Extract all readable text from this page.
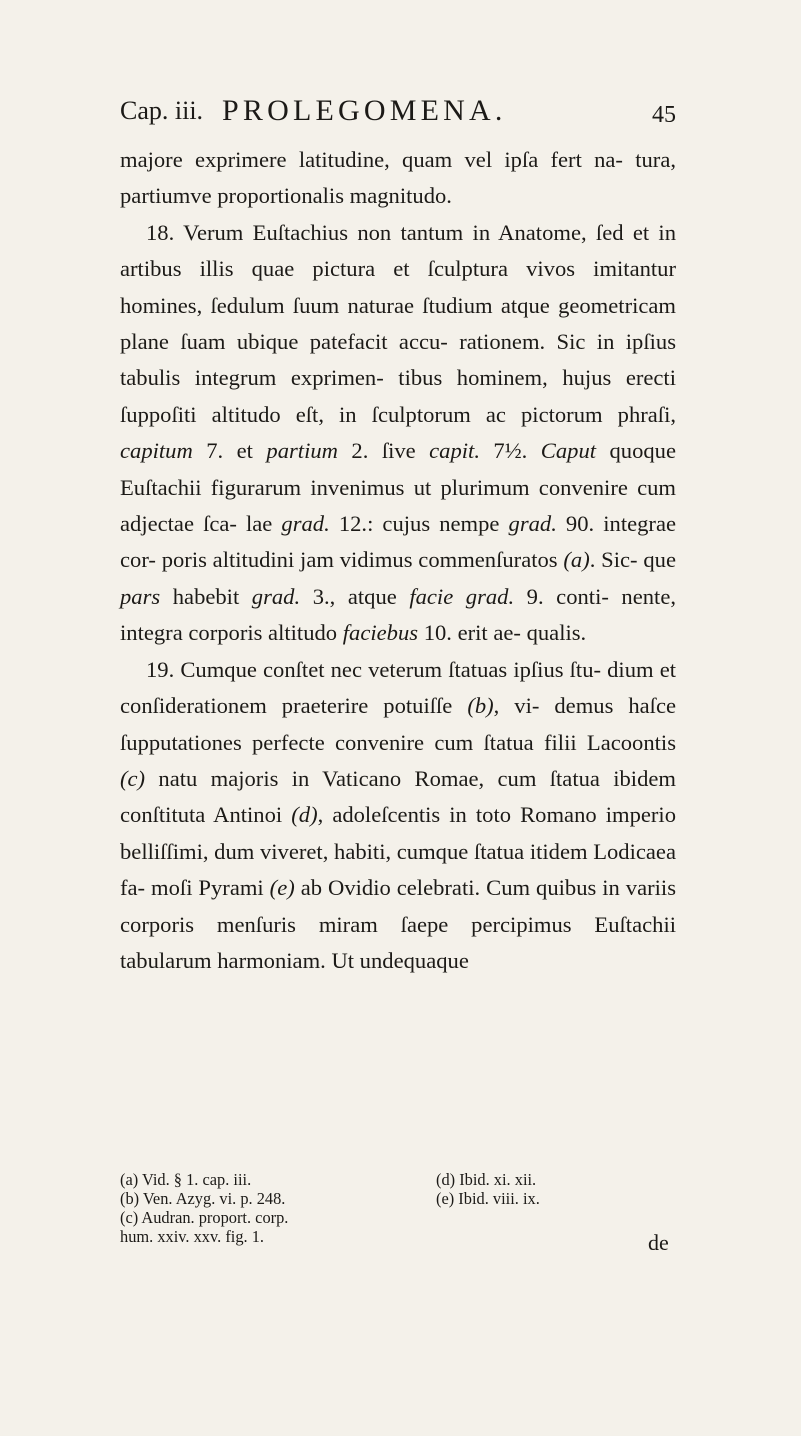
Cap. iii. PROLEGOMENA.	45

majore exprimere latitudine, quam vel ipſa fert na- tura, partiumve proportionalis magnitudo.

18. Verum Euſtachius non tantum in Anatome, ſed et in artibus illis quae pictura et ſculptura vivos imitantur homines, ſedulum ſuum naturae ſtudium atque geometricam plane ſuam ubique patefacit accu- rationem. Sic in ipſius tabulis integrum exprimen- tibus hominem, hujus erecti ſuppoſiti altitudo eſt, in ſculptorum ac pictorum phraſi, capitum 7. et partium 2. ſive capit. 7½. Caput quoque Euſtachii figurarum invenimus ut plurimum convenire cum adjectae ſca- lae grad. 12.: cujus nempe grad. 90. integrae cor- poris altitudini jam vidimus commenſuratos (a). Sic- que pars habebit grad. 3., atque facie grad. 9. conti- nente, integra corporis altitudo faciebus 10. erit ae- qualis.

19. Cumque conſtet nec veterum ſtatuas ipſius ſtu- dium et conſiderationem praeterire potuiſſe (b), vi- demus haſce ſupputationes perfecte convenire cum ſtatua filii Lacoontis (c) natu majoris in Vaticano Romae, cum ſtatua ibidem conſtituta Antinoi (d), adoleſcentis in toto Romano imperio belliſſimi, dum viveret, habiti, cumque ſtatua itidem Lodicaea fa- moſi Pyrami (e) ab Ovidio celebrati. Cum quibus in variis corporis menſuris miram ſaepe percipimus Euſtachii tabularum harmoniam. Ut undequaque

(a) Vid. § 1. cap. iii.
(b) Ven. Azyg. vi. p. 248.
(c) Audran. proport. corp.
hum. xxiv. xxv. fig. 1.
(d) Ibid. xi. xii.
(e) Ibid. viii. ix.
de
